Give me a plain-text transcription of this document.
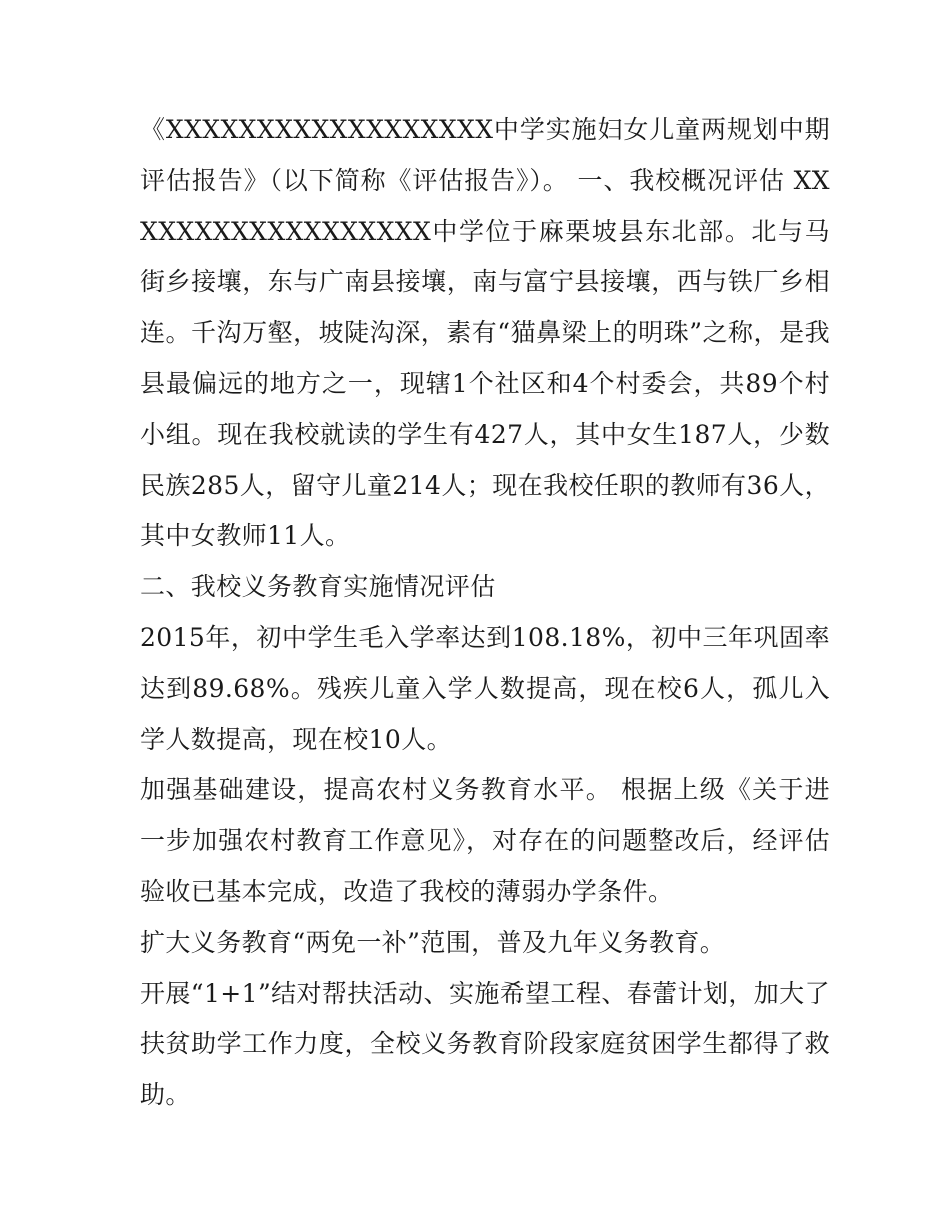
《XXXXXXXXXXXXXXXXXX中学实施妇女儿童两规划中期评估报告》（以下简称《评估报告》）。 一、我校概况评估 XXXXXXXXXXXXXXXXXX中学位于麻栗坡县东北部。北与马街乡接壤，东与广南县接壤，南与富宁县接壤，西与铁厂乡相连。千沟万壑，坡陡沟深，素有“猫鼻梁上的明珠”之称，是我县最偏远的地方之一，现辖1个社区和4个村委会，共89个村小组。现在我校就读的学生有427人，其中女生187人，少数民族285人，留守儿童214人；现在我校任职的教师有36人，其中女教师11人。

二、我校义务教育实施情况评估

2015年，初中学生毛入学率达到108.18%，初中三年巩固率达到89.68%。残疾儿童入学人数提高，现在校6人，孤儿入学人数提高，现在校10人。

加强基础建设，提高农村义务教育水平。 根据上级《关于进一步加强农村教育工作意见》，对存在的问题整改后，经评估验收已基本完成，改造了我校的薄弱办学条件。

扩大义务教育“两免一补”范围，普及九年义务教育。

开展“1+1”结对帮扶活动、实施希望工程、春蕾计划，加大了扶贫助学工作力度，全校义务教育阶段家庭贫困学生都得了救助。
